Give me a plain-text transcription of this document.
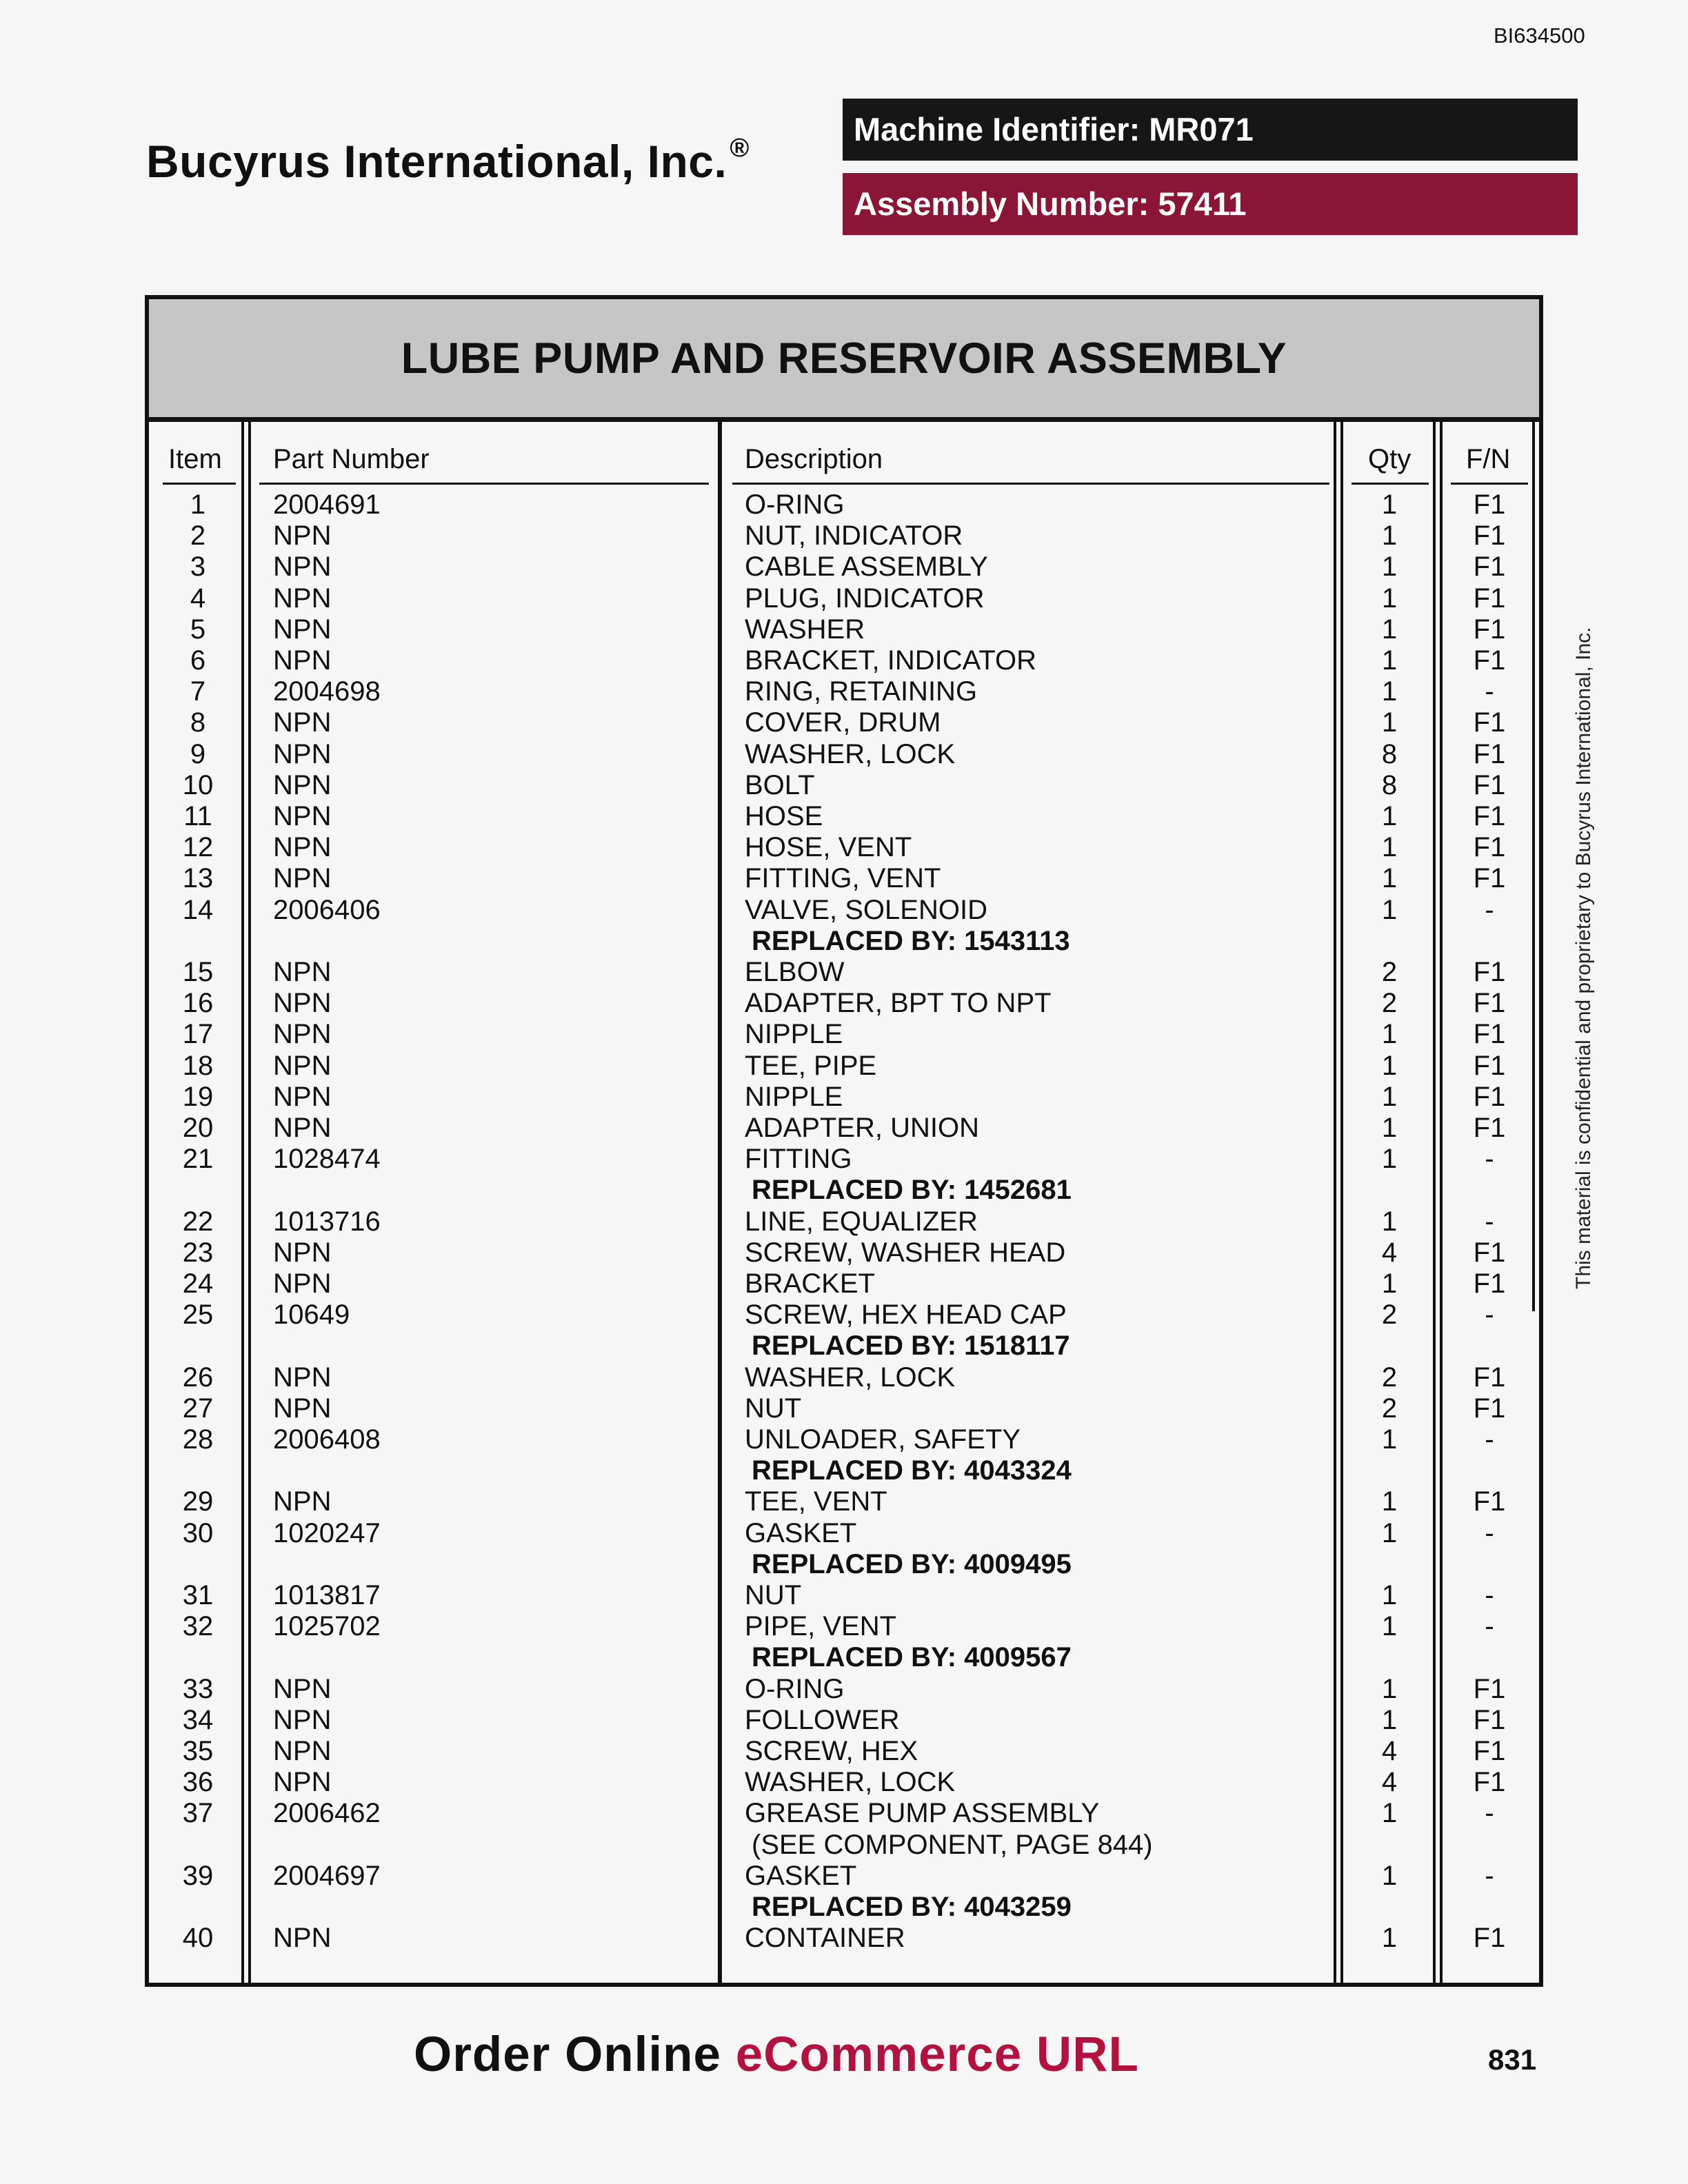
BI634500
Bucyrus International, Inc. ®
Machine Identifier: MR071
Assembly Number: 57411
LUBE PUMP AND RESERVOIR ASSEMBLY
Item Part Number	Description	Qty F/N
1	2004691	O-RING	1	F1
2	NPN	NUT, INDICATOR	1	F1
3	NPN	CABLE ASSEMBLY	1	F1
4	NPN	PLUG, INDICATOR	1	F1
5	NPN	WASHER	1	F1
6	NPN	BRACKET, INDICATOR	1	F1
7	2004698	RING, RETAINING	1	-
8	NPN	COVER, DRUM	1	F1
9	NPN	WASHER, LOCK	8	F1
10	NPN	BOLT	8	F1
11	NPN	HOSE	1	F1
12	NPN	HOSE, VENT	1	F1
13	NPN	FITTING, VENT	1	F1
14	2006406	VALVE, SOLENOID	1	-
REPLACED BY: 1543113
15	NPN	ELBOW	2	F1
16	NPN	ADAPTER, BPT TO NPT	2	F1
17	NPN	NIPPLE	1	F1
18	NPN	TEE, PIPE	1	F1
19	NPN	NIPPLE	1	F1
20	NPN	ADAPTER, UNION	1	F1
21	1028474	FITTING	1	-
REPLACED BY: 1452681
22	1013716	LINE, EQUALIZER	1	-
23	NPN	SCREW, WASHER HEAD	4	F1
24	NPN	BRACKET	1	F1
25	10649	SCREW, HEX HEAD CAP	2	-
REPLACED BY: 1518117
26	NPN	WASHER, LOCK	2	F1
27	NPN	NUT	2	F1
28	2006408	UNLOADER, SAFETY	1	-
REPLACED BY: 4043324
29	NPN	TEE, VENT	1	F1
30	1020247	GASKET	1	-
REPLACED BY: 4009495
31	1013817	NUT	1	-
32	1025702	PIPE, VENT	1	-
REPLACED BY: 4009567
33	NPN	O-RING	1	F1
34	NPN	FOLLOWER	1	F1
35	NPN	SCREW, HEX	4	F1
36	NPN	WASHER, LOCK	4	F1
37	2006462	GREASE PUMP ASSEMBLY	1	-
(SEE COMPONENT, PAGE 844)
39	2004697	GASKET	1	-
REPLACED BY: 4043259
40	NPN	CONTAINER	1	F1
This material is confidential and proprietary to Bucyrus International, Inc.
Order Online eCommerce URL	831
